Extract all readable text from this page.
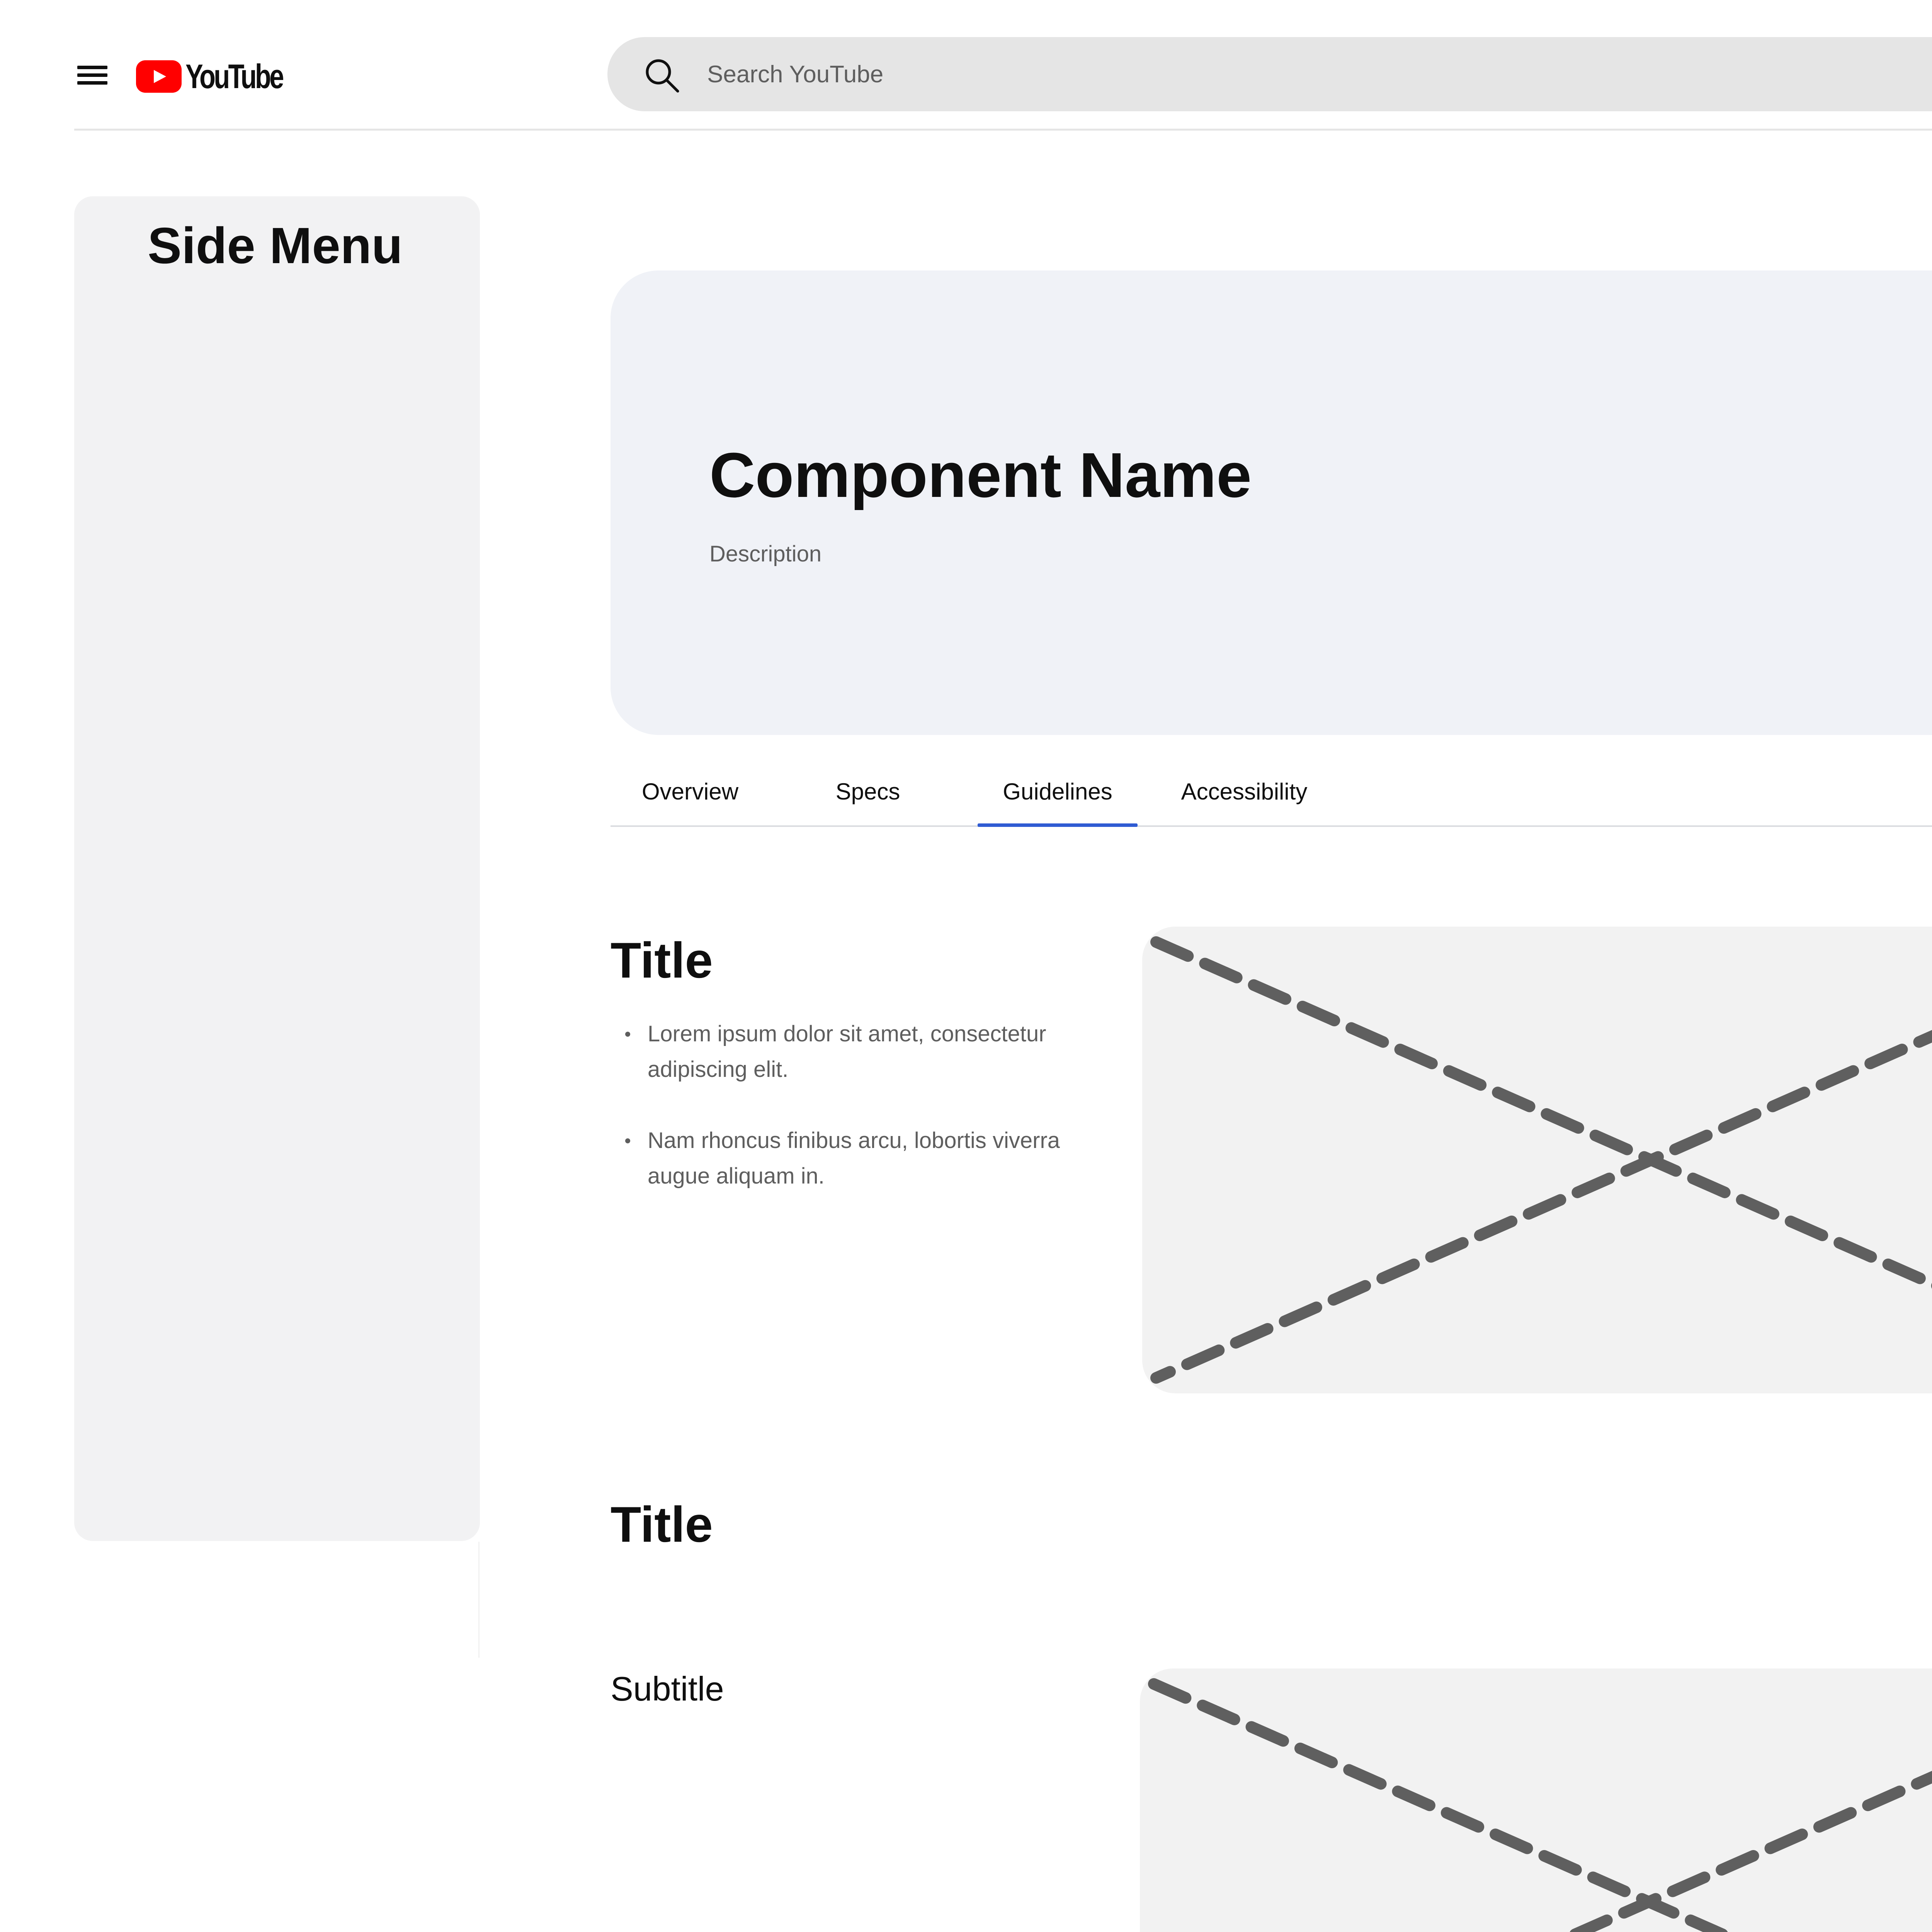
YouTube
Search YouTube
Side Menu
Component Name
Description
Overview	Specs	Guidelines	Accessibility
Title
Lorem ipsum dolor sit amet, consectetur adipiscing elit.
Nam rhoncus finibus arcu, lobortis viverra augue aliquam in.
Title
Subtitle
